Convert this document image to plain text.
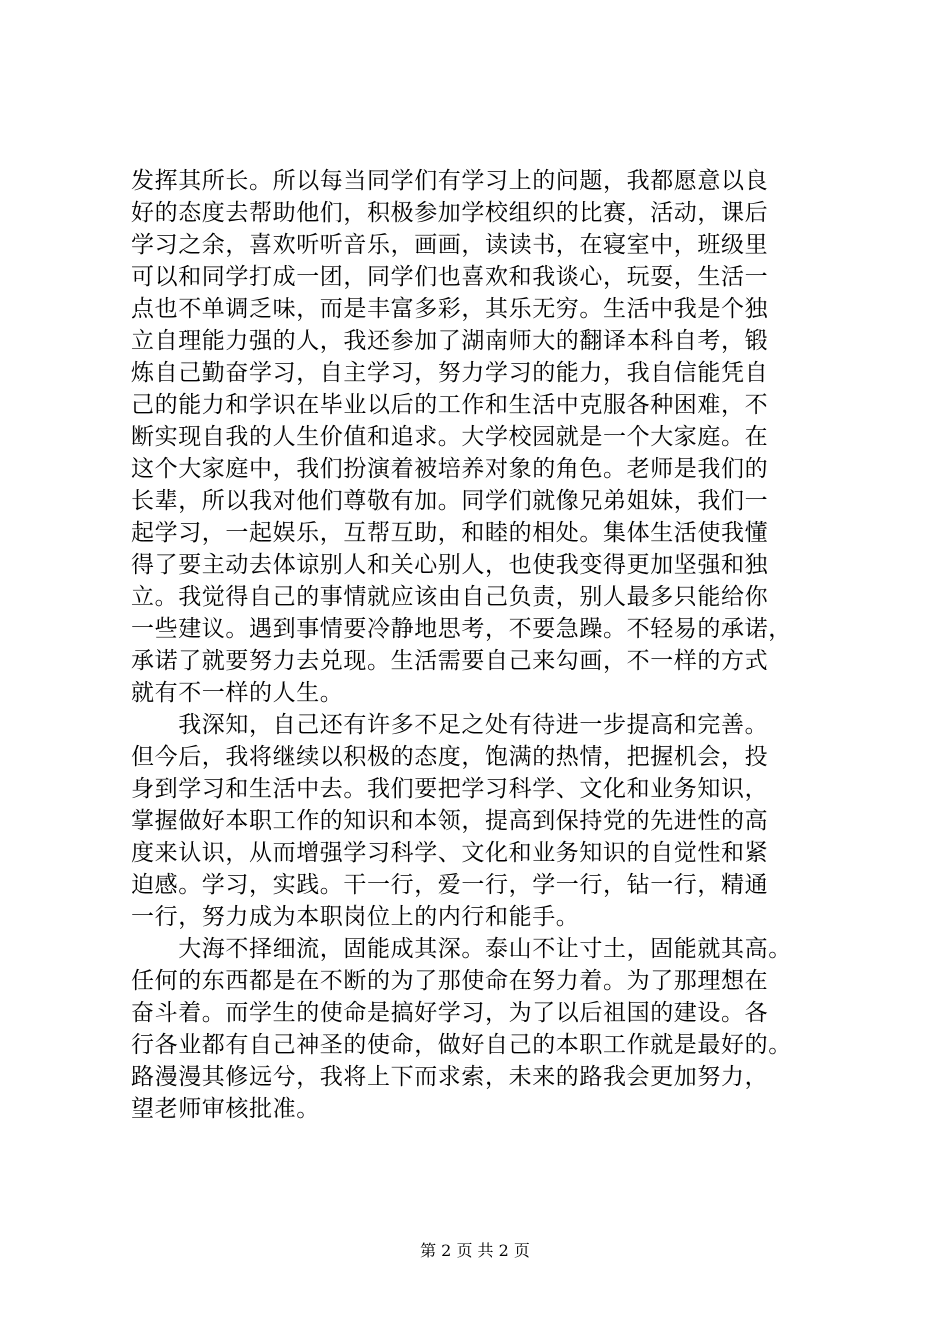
发挥其所长。所以每当同学们有学习上的问题，我都愿意以良
好的态度去帮助他们，积极参加学校组织的比赛，活动，课后
学习之余，喜欢听听音乐，画画，读读书，在寝室中，班级里
可以和同学打成一团，同学们也喜欢和我谈心，玩耍，生活一
点也不单调乏味，而是丰富多彩，其乐无穷。生活中我是个独
立自理能力强的人，我还参加了湖南师大的翻译本科自考，锻
炼自己勤奋学习，自主学习，努力学习的能力，我自信能凭自
己的能力和学识在毕业以后的工作和生活中克服各种困难，不
断实现自我的人生价值和追求。大学校园就是一个大家庭。在
这个大家庭中，我们扮演着被培养对象的角色。老师是我们的
长辈，所以我对他们尊敬有加。同学们就像兄弟姐妹，我们一
起学习，一起娱乐，互帮互助，和睦的相处。集体生活使我懂
得了要主动去体谅别人和关心别人，也使我变得更加坚强和独
立。我觉得自己的事情就应该由自己负责，别人最多只能给你
一些建议。遇到事情要冷静地思考，不要急躁。不轻易的承诺，
承诺了就要努力去兑现。生活需要自己来勾画，不一样的方式
就有不一样的人生。
　　我深知，自己还有许多不足之处有待进一步提高和完善。
但今后，我将继续以积极的态度，饱满的热情，把握机会，投
身到学习和生活中去。我们要把学习科学、文化和业务知识，
掌握做好本职工作的知识和本领，提高到保持党的先进性的高
度来认识，从而增强学习科学、文化和业务知识的自觉性和紧
迫感。学习，实践。干一行，爱一行，学一行，钻一行，精通
一行，努力成为本职岗位上的内行和能手。
　　大海不择细流，固能成其深。泰山不让寸土，固能就其高。
任何的东西都是在不断的为了那使命在努力着。为了那理想在
奋斗着。而学生的使命是搞好学习，为了以后祖国的建设。各
行各业都有自己神圣的使命，做好自己的本职工作就是最好的。
路漫漫其修远兮，我将上下而求索，未来的路我会更加努力，
望老师审核批准。
第 2 页 共 2 页
